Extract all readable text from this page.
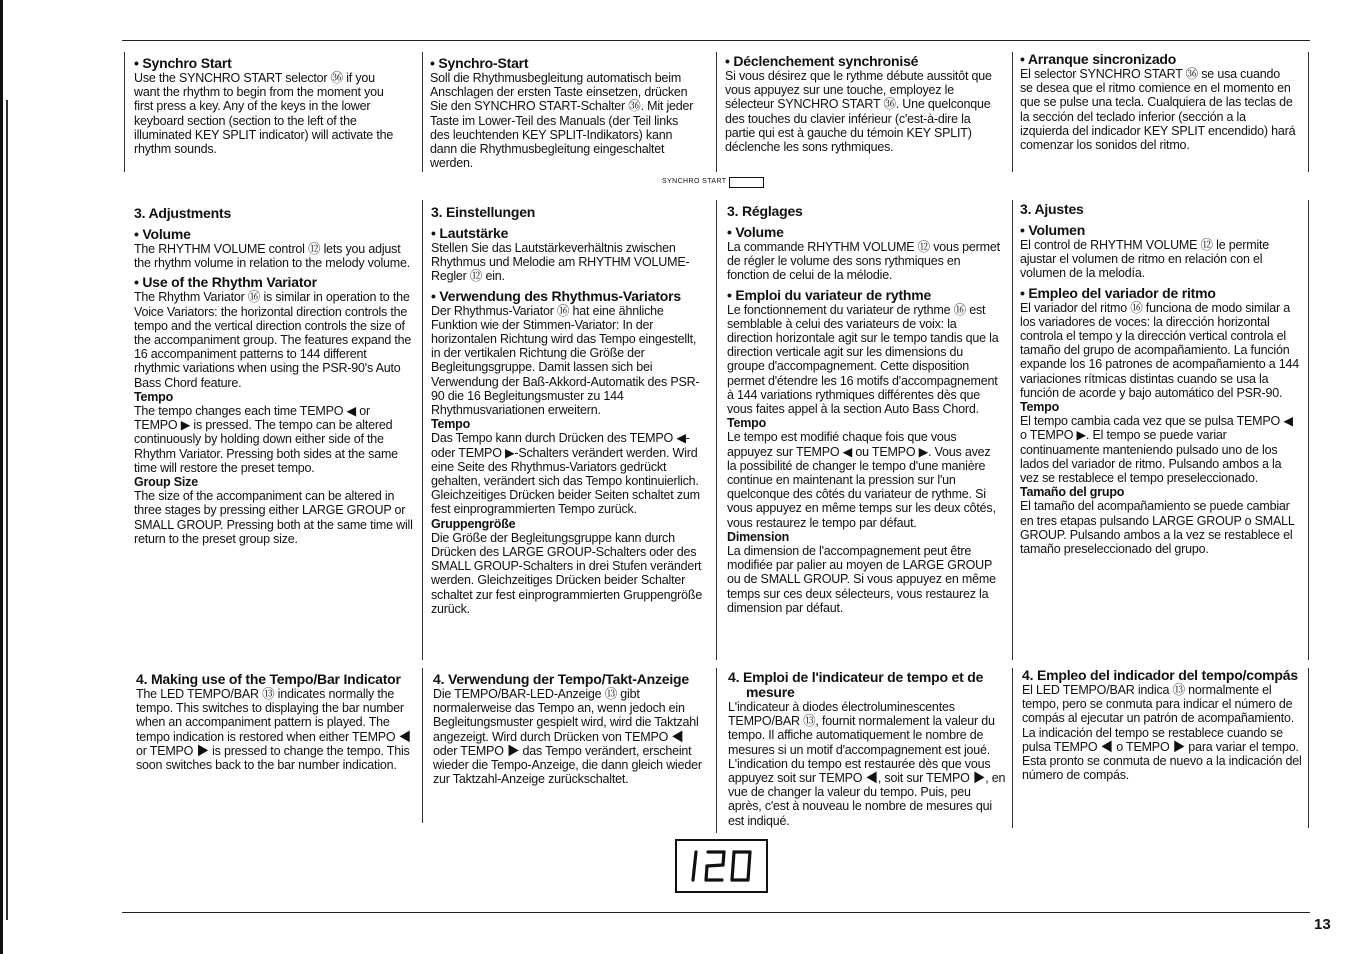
• Synchro Start

Use the SYNCHRO START selector ㊱ if you want the rhythm to begin from the moment you first press a key. Any of the keys in the lower keyboard section (section to the left of the illuminated KEY SPLIT indicator) will activate the rhythm sounds.

• Synchro-Start

Soll die Rhythmusbegleitung automatisch beim Anschlagen der ersten Taste einsetzen, drücken Sie den SYNCHRO START-Schalter ㊱. Mit jeder Taste im Lower-Teil des Manuals (der Teil links des leuchtenden KEY SPLIT-Indikators) kann dann die Rhythmusbegleitung eingeschaltet werden.

• Déclenchement synchronisé

Si vous désirez que le rythme débute aussitôt que vous appuyez sur une touche, employez le sélecteur SYNCHRO START ㊱. Une quelconque des touches du clavier inférieur (c'est-à-dire la partie qui est à gauche du témoin KEY SPLIT) déclenche les sons rythmiques.

• Arranque sincronizado

El selector SYNCHRO START ㊱ se usa cuando se desea que el ritmo comience en el momento en que se pulse una tecla. Cualquiera de las teclas de la sección del teclado inferior (sección a la izquierda del indicador KEY SPLIT encendido) hará comenzar los sonidos del ritmo.

SYNCHRO START

3. Adjustments

• Volume

The RHYTHM VOLUME control ⑫ lets you adjust the rhythm volume in relation to the melody volume.

• Use of the Rhythm Variator

The Rhythm Variator ⑯ is similar in operation to the Voice Variators: the horizontal direction controls the tempo and the vertical direction controls the size of the accompaniment group. The features expand the 16 accompaniment patterns to 144 different rhythmic variations when using the PSR-90's Auto Bass Chord feature.

Tempo

The tempo changes each time TEMPO ◀ or TEMPO ▶ is pressed. The tempo can be altered continuously by holding down either side of the Rhythm Variator. Pressing both sides at the same time will restore the preset tempo.

Group Size

The size of the accompaniment can be altered in three stages by pressing either LARGE GROUP or SMALL GROUP. Pressing both at the same time will return to the preset group size.

4. Making use of the Tempo/Bar Indicator

The LED TEMPO/BAR ⑬ indicates normally the tempo. This switches to displaying the bar number when an accompaniment pattern is played. The tempo indication is restored when either TEMPO ◀ or TEMPO ▶ is pressed to change the tempo. This soon switches back to the bar number indication.

3. Einstellungen

• Lautstärke

Stellen Sie das Lautstärkeverhältnis zwischen Rhythmus und Melodie am RHYTHM VOLUME-Regler ⑫ ein.

• Verwendung des Rhythmus-Variators

Der Rhythmus-Variator ⑯ hat eine ähnliche Funktion wie der Stimmen-Variator: In der horizontalen Richtung wird das Tempo eingestellt, in der vertikalen Richtung die Größe der Begleitungsgruppe. Damit lassen sich bei Verwendung der Baß-Akkord-Automatik des PSR-90 die 16 Begleitungsmuster zu 144 Rhythmusvariationen erweitern.

Tempo

Das Tempo kann durch Drücken des TEMPO ◀- oder TEMPO ▶-Schalters verändert werden. Wird eine Seite des Rhythmus-Variators gedrückt gehalten, verändert sich das Tempo kontinuierlich. Gleichzeitiges Drücken beider Seiten schaltet zum fest einprogrammierten Tempo zurück.

Gruppengröße

Die Größe der Begleitungsgruppe kann durch Drücken des LARGE GROUP-Schalters oder des SMALL GROUP-Schalters in drei Stufen verändert werden. Gleichzeitiges Drücken beider Schalter schaltet zur fest einprogrammierten Gruppengröße zurück.

4. Verwendung der Tempo/Takt-Anzeige

Die TEMPO/BAR-LED-Anzeige ⑬ gibt normalerweise das Tempo an, wenn jedoch ein Begleitungsmuster gespielt wird, wird die Taktzahl angezeigt. Wird durch Drücken von TEMPO ◀ oder TEMPO ▶ das Tempo verändert, erscheint wieder die Tempo-Anzeige, die dann gleich wieder zur Taktzahl-Anzeige zurückschaltet.

3. Réglages

• Volume

La commande RHYTHM VOLUME ⑫ vous permet de régler le volume des sons rythmiques en fonction de celui de la mélodie.

• Emploi du variateur de rythme

Le fonctionnement du variateur de rythme ⑯ est semblable à celui des variateurs de voix: la direction horizontale agit sur le tempo tandis que la direction verticale agit sur les dimensions du groupe d'accompagnement. Cette disposition permet d'étendre les 16 motifs d'accompagnement à 144 variations rythmiques différentes dès que vous faites appel à la section Auto Bass Chord.

Tempo

Le tempo est modifié chaque fois que vous appuyez sur TEMPO ◀ ou TEMPO ▶. Vous avez la possibilité de changer le tempo d'une manière continue en maintenant la pression sur l'un quelconque des côtés du variateur de rythme. Si vous appuyez en même temps sur les deux côtés, vous restaurez le tempo par défaut.

Dimension

La dimension de l'accompagnement peut être modifiée par palier au moyen de LARGE GROUP ou de SMALL GROUP. Si vous appuyez en même temps sur ces deux sélecteurs, vous restaurez la dimension par défaut.

4. Emploi de l'indicateur de tempo et de mesure

L'indicateur à diodes électroluminescentes TEMPO/BAR ⑬, fournit normalement la valeur du tempo. Il affiche automatiquement le nombre de mesures si un motif d'accompagnement est joué. L'indication du tempo est restaurée dès que vous appuyez soit sur TEMPO ◀, soit sur TEMPO ▶, en vue de changer la valeur du tempo. Puis, peu après, c'est à nouveau le nombre de mesures qui est indiqué.

3. Ajustes

• Volumen

El control de RHYTHM VOLUME ⑫ le permite ajustar el volumen de ritmo en relación con el volumen de la melodía.

• Empleo del variador de ritmo

El variador del ritmo ⑯ funciona de modo similar a los variadores de voces: la dirección horizontal controla el tempo y la dirección vertical controla el tamaño del grupo de acompañamiento. La función expande los 16 patrones de acompañamiento a 144 variaciones rítmicas distintas cuando se usa la función de acorde y bajo automático del PSR-90.

Tempo

El tempo cambia cada vez que se pulsa TEMPO ◀ o TEMPO ▶. El tempo se puede variar continuamente manteniendo pulsado uno de los lados del variador de ritmo. Pulsando ambos a la vez se restablece el tempo preseleccionado.

Tamaño del grupo

El tamaño del acompañamiento se puede cambiar en tres etapas pulsando LARGE GROUP o SMALL GROUP. Pulsando ambos a la vez se restablece el tamaño preseleccionado del grupo.

4. Empleo del indicador del tempo/compás

El LED TEMPO/BAR indica ⑬ normalmente el tempo, pero se conmuta para indicar el número de compás al ejecutar un patrón de acompañamiento. La indicación del tempo se restablece cuando se pulsa TEMPO ◀ o TEMPO ▶ para variar el tempo. Esta pronto se conmuta de nuevo a la indicación del número de compás.

120
13
